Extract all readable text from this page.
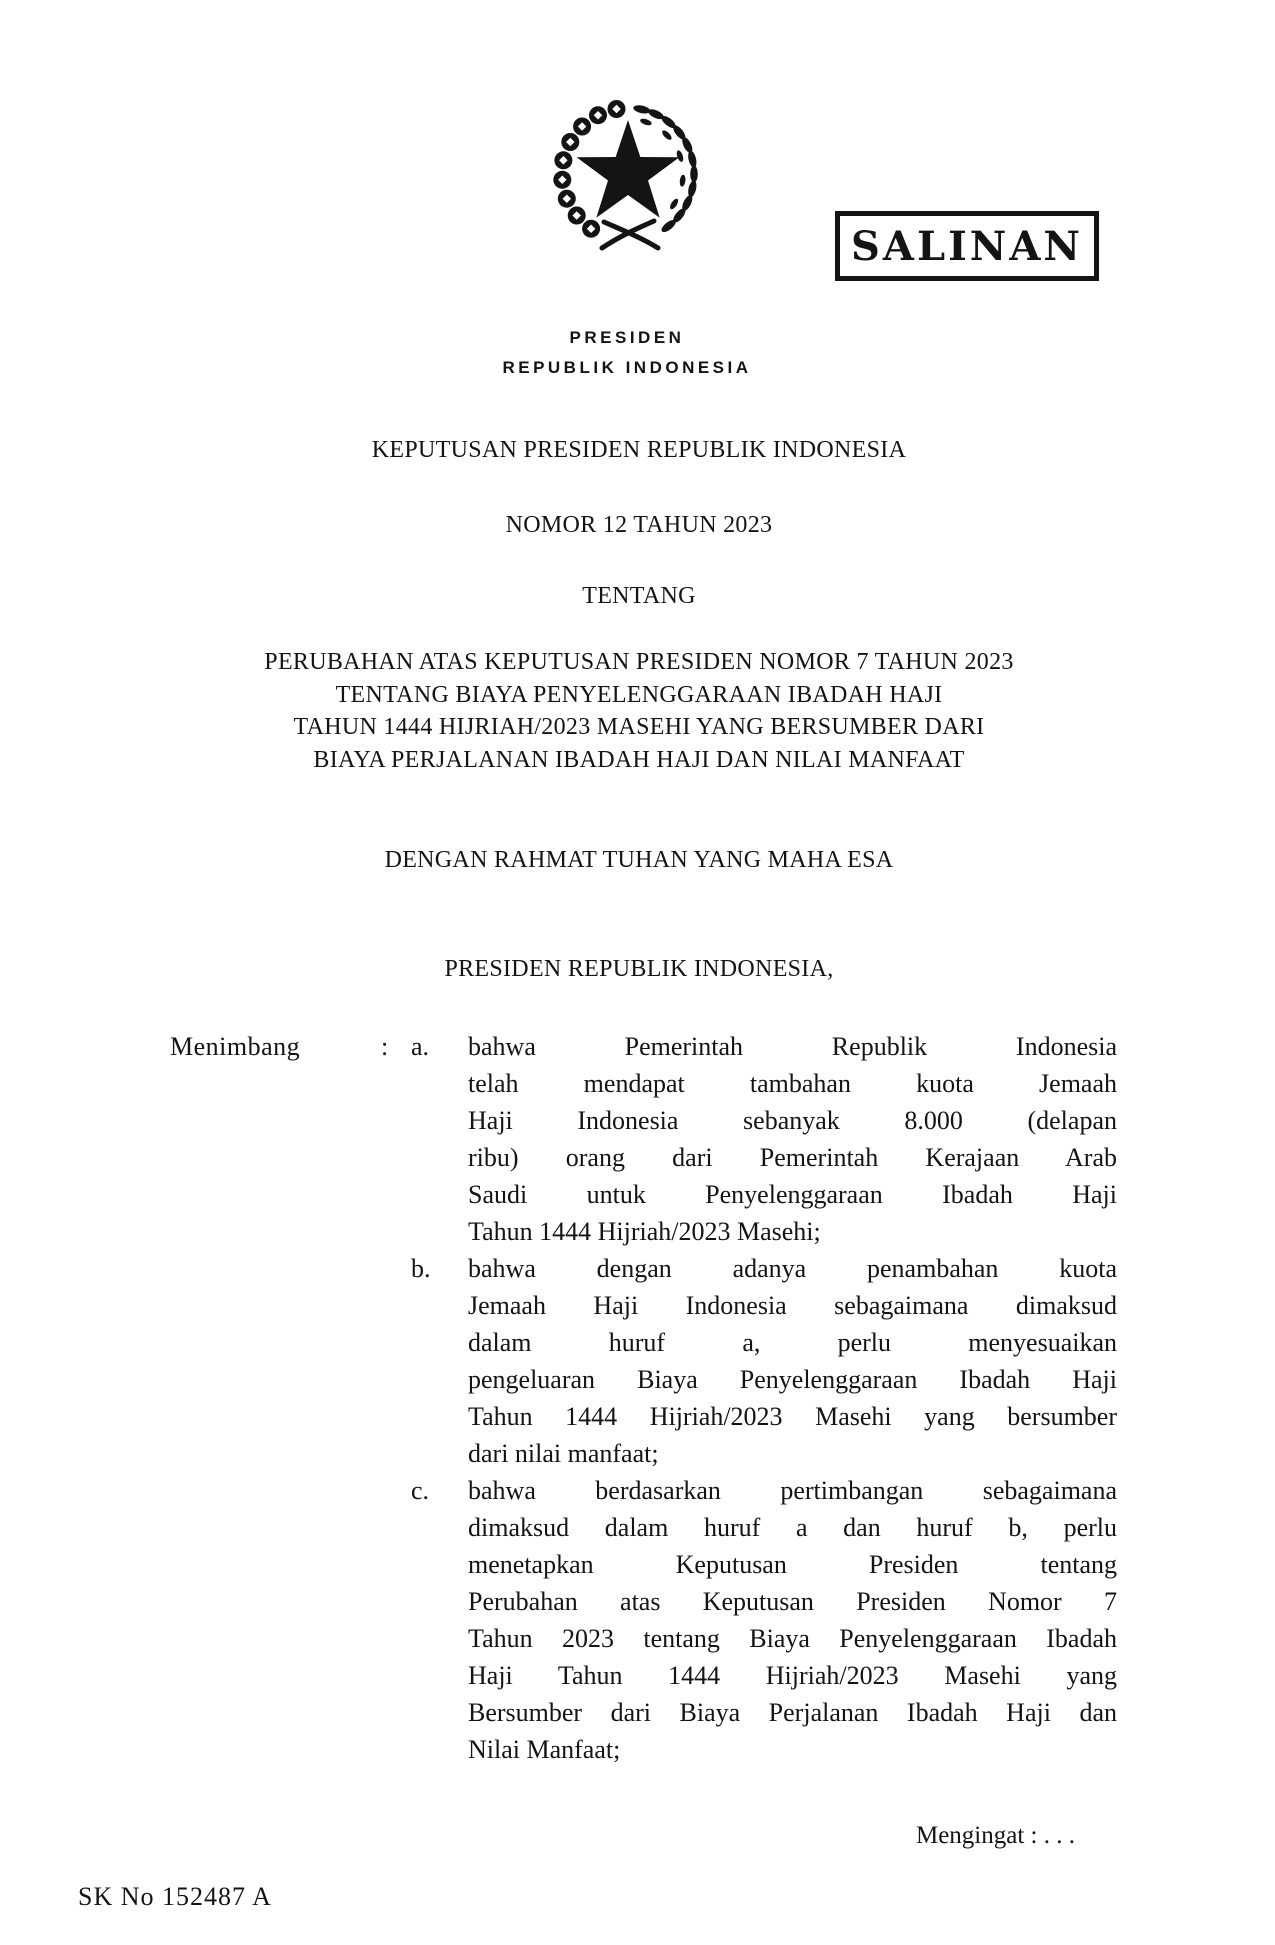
SALINAN
PRESIDEN
REPUBLIK INDONESIA
KEPUTUSAN PRESIDEN REPUBLIK INDONESIA
NOMOR 12 TAHUN 2023
TENTANG
PERUBAHAN ATAS KEPUTUSAN PRESIDEN NOMOR 7 TAHUN 2023
TENTANG BIAYA PENYELENGGARAAN IBADAH HAJI
TAHUN 1444 HIJRIAH/2023 MASEHI YANG BERSUMBER DARI
BIAYA PERJALANAN IBADAH HAJI DAN NILAI MANFAAT
DENGAN RAHMAT TUHAN YANG MAHA ESA
PRESIDEN REPUBLIK INDONESIA,
Menimbang	: a.	bahwa Pemerintah Republik Indonesia
telah mendapat tambahan kuota Jemaah
Haji Indonesia sebanyak 8.000 (delapan
ribu) orang dari Pemerintah Kerajaan Arab
Saudi untuk Penyelenggaraan Ibadah Haji
Tahun 1444 Hijriah/2023 Masehi;
b.	bahwa dengan adanya penambahan kuota
Jemaah Haji Indonesia sebagaimana dimaksud
dalam huruf a, perlu menyesuaikan
pengeluaran Biaya Penyelenggaraan Ibadah Haji
Tahun 1444 Hijriah/2023 Masehi yang bersumber
dari nilai manfaat;
c.	bahwa berdasarkan pertimbangan sebagaimana
dimaksud dalam huruf a dan huruf b, perlu
menetapkan Keputusan Presiden tentang
Perubahan atas Keputusan Presiden Nomor 7
Tahun 2023 tentang Biaya Penyelenggaraan Ibadah
Haji Tahun 1444 Hijriah/2023 Masehi yang
Bersumber dari Biaya Perjalanan Ibadah Haji dan
Nilai Manfaat;
Mengingat : . . .
SK No 152487 A
